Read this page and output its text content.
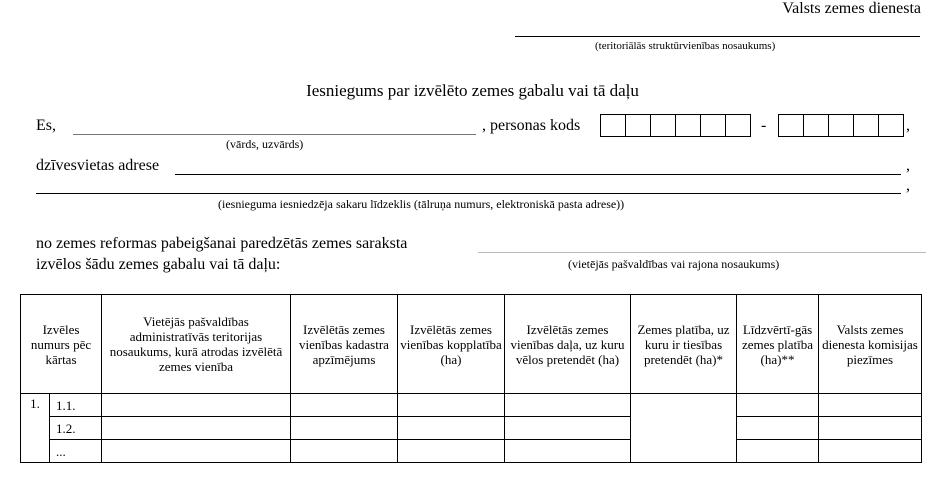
Valsts zemes dienesta
(teritoriālās struktūrvienības nosaukums)
Iesniegums par izvēlēto zemes gabalu vai tā daļu
Es,
(vārds, uzvārds)
, personas kods	-	,
dzīvesvietas adrese	,
,
(iesnieguma iesniedzēja sakaru līdzeklis (tālruņa numurs, elektroniskā pasta adrese))
no zemes reformas pabeigšanai paredzētās zemes saraksta
izvēlos šādu zemes gabalu vai tā daļu:	(vietējās pašvaldības vai rajona nosaukums)
Izvēles numurs pēc kārtas		Vietējās pašvaldības administratīvās teritorijas nosaukums, kurā atrodas izvēlētā zemes vienība	Izvēlētās zemes vienības kadastra apzīmējums	Izvēlētās zemes vienības kopplatība (ha)	Izvēlētās zemes vienības daļa, uz kuru vēlos pretendēt (ha)	Zemes platība, uz kuru ir tiesības pretendēt (ha)*	Līdzvērtī-gās zemes platība (ha)**	Valsts zemes dienesta komisijas piezīmes
1.	1.1.							
	1.2.							
	...							
